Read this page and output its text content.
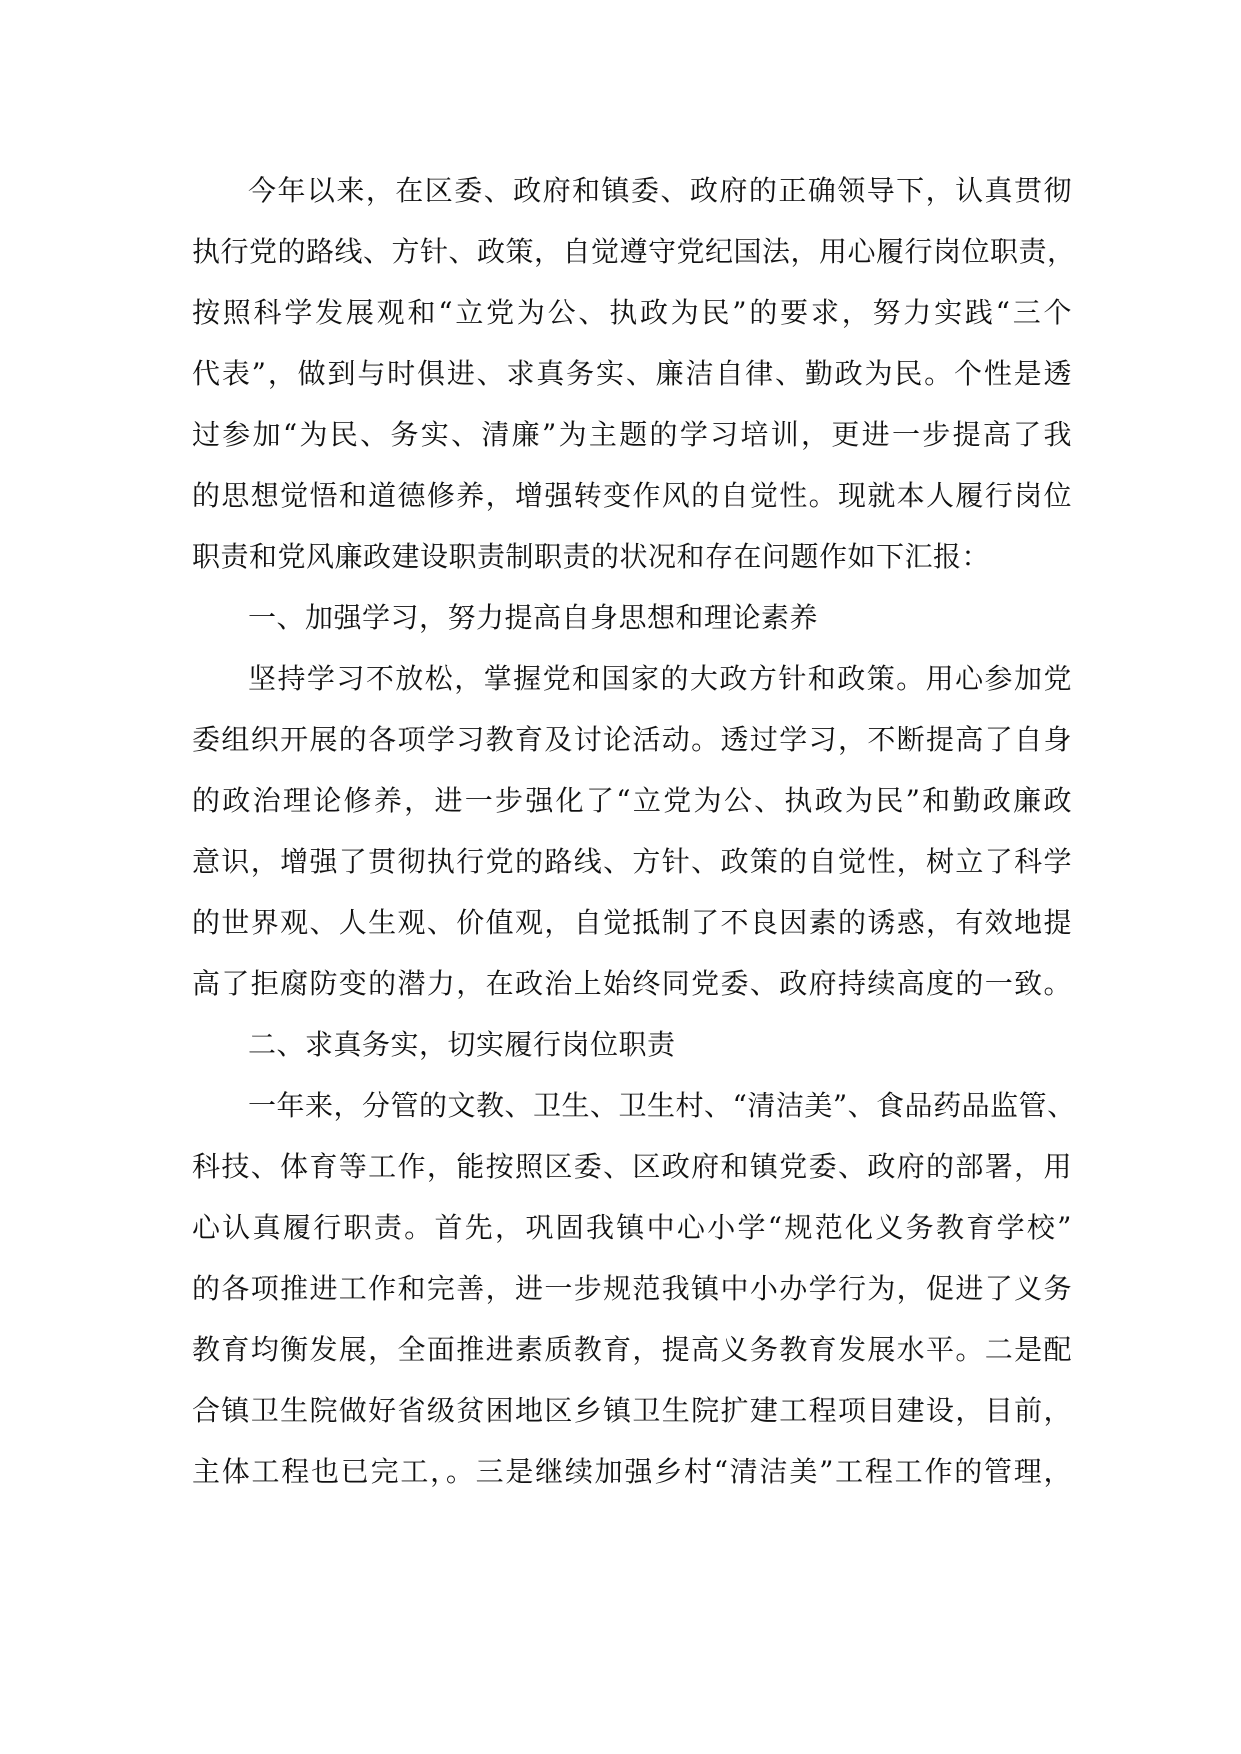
今年以来，在区委、政府和镇委、政府的正确领导下，认真贯彻
执行党的路线、方针、政策，自觉遵守党纪国法，用心履行岗位职责，
按照科学发展观和“立党为公、执政为民”的要求，努力实践“三个
代表”，做到与时俱进、求真务实、廉洁自律、勤政为民。个性是透
过参加“为民、务实、清廉”为主题的学习培训，更进一步提高了我
的思想觉悟和道德修养，增强转变作风的自觉性。现就本人履行岗位
职责和党风廉政建设职责制职责的状况和存在问题作如下汇报：
一、加强学习，努力提高自身思想和理论素养
坚持学习不放松，掌握党和国家的大政方针和政策。用心参加党
委组织开展的各项学习教育及讨论活动。透过学习，不断提高了自身
的政治理论修养，进一步强化了“立党为公、执政为民”和勤政廉政
意识，增强了贯彻执行党的路线、方针、政策的自觉性，树立了科学
的世界观、人生观、价值观，自觉抵制了不良因素的诱惑，有效地提
高了拒腐防变的潜力，在政治上始终同党委、政府持续高度的一致。
二、求真务实，切实履行岗位职责
一年来，分管的文教、卫生、卫生村、“清洁美”、食品药品监管、
科技、体育等工作，能按照区委、区政府和镇党委、政府的部署，用
心认真履行职责。首先，巩固我镇中心小学“规范化义务教育学校”
的各项推进工作和完善，进一步规范我镇中小办学行为，促进了义务
教育均衡发展，全面推进素质教育，提高义务教育发展水平。二是配
合镇卫生院做好省级贫困地区乡镇卫生院扩建工程项目建设，目前，
主体工程也已完工，。三是继续加强乡村“清洁美”工程工作的管理，
